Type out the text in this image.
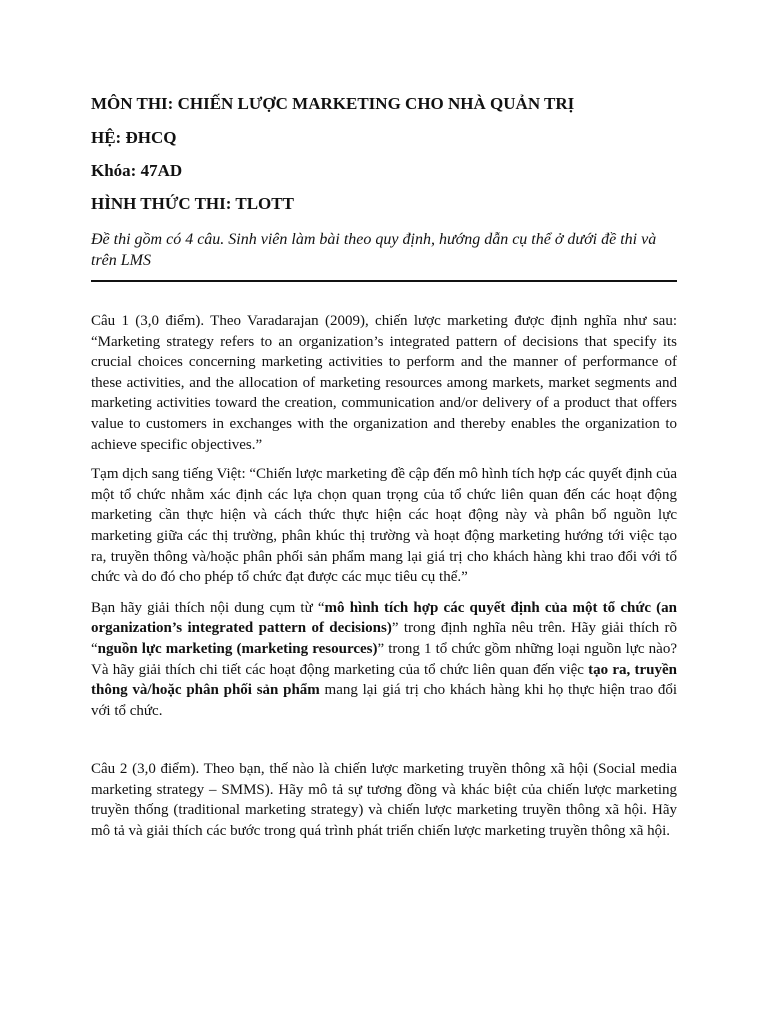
MÔN THI: CHIẾN LƯỢC MARKETING CHO NHÀ QUẢN TRỊ

HỆ: ĐHCQ

Khóa: 47AD

HÌNH THỨC THI: TLOTT

Đề thi gồm có 4 câu. Sinh viên làm bài theo quy định, hướng dẫn cụ thể ở dưới đề thi và trên LMS

Câu 1 (3,0 điểm). Theo Varadarajan (2009), chiến lược marketing được định nghĩa như sau: “Marketing strategy refers to an organization’s integrated pattern of decisions that specify its crucial choices concerning marketing activities to perform and the manner of performance of these activities, and the allocation of marketing resources among markets, market segments and marketing activities toward the creation, communication and/or delivery of a product that offers value to customers in exchanges with the organization and thereby enables the organization to achieve specific objectives.”

Tạm dịch sang tiếng Việt: “Chiến lược marketing đề cập đến mô hình tích hợp các quyết định của một tổ chức nhằm xác định các lựa chọn quan trọng của tổ chức liên quan đến các hoạt động marketing cần thực hiện và cách thức thực hiện các hoạt động này và phân bổ nguồn lực marketing giữa các thị trường, phân khúc thị trường và hoạt động marketing hướng tới việc tạo ra, truyền thông và/hoặc phân phối sản phẩm mang lại giá trị cho khách hàng khi trao đổi với tổ chức và do đó cho phép tổ chức đạt được các mục tiêu cụ thể.”

Bạn hãy giải thích nội dung cụm từ “mô hình tích hợp các quyết định của một tổ chức (an organization’s integrated pattern of decisions)” trong định nghĩa nêu trên. Hãy giải thích rõ “nguồn lực marketing (marketing resources)” trong 1 tổ chức gồm những loại nguồn lực nào? Và hãy giải thích chi tiết các hoạt động marketing của tổ chức liên quan đến việc tạo ra, truyền thông và/hoặc phân phối sản phẩm mang lại giá trị cho khách hàng khi họ thực hiện trao đổi với tổ chức.

Câu 2 (3,0 điểm). Theo bạn, thế nào là chiến lược marketing truyền thông xã hội (Social media marketing strategy – SMMS). Hãy mô tả sự tương đồng và khác biệt của chiến lược marketing truyền thống (traditional marketing strategy) và chiến lược marketing truyền thông xã hội. Hãy mô tả và giải thích các bước trong quá trình phát triển chiến lược marketing truyền thông xã hội.
